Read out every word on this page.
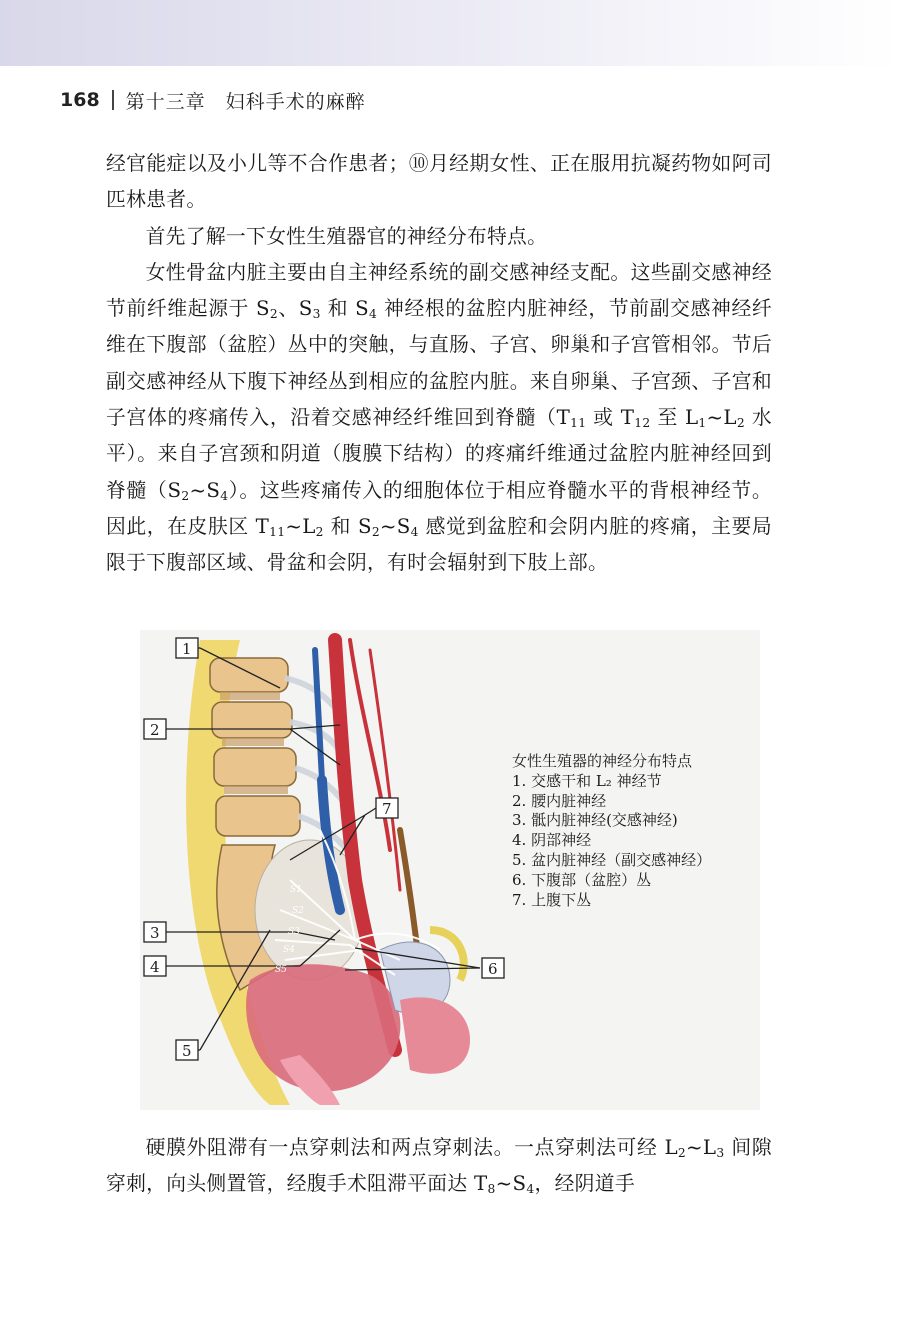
168 第十三章　妇科手术的麻醉

经官能症以及小儿等不合作患者；⑩月经期女性、正在服用抗凝药物如阿司匹林患者。

首先了解一下女性生殖器官的神经分布特点。

女性骨盆内脏主要由自主神经系统的副交感神经支配。这些副交感神经节前纤维起源于 $S_2$、$S_3$ 和 $S_4$ 神经根的盆腔内脏神经，节前副交感神经纤维在下腹部（盆腔）丛中的突触，与直肠、子宫、卵巢和子宫管相邻。节后副交感神经从下腹下神经丛到相应的盆腔内脏。来自卵巢、子宫颈、子宫和子宫体的疼痛传入，沿着交感神经纤维回到脊髓（$T_{11}$ 或 $T_{12}$ 至 $L_1\sim L_2$ 水平）。来自子宫颈和阴道（腹膜下结构）的疼痛纤维通过盆腔内脏神经回到脊髓$(S_2\sim S_4)$。这些疼痛传入的细胞体位于相应脊髓水平的背根神经节。因此，在皮肤区 $T_{11}\sim L_2$ 和 $S_2\sim S_4$ 感觉到盆腔和会阴内脏的疼痛，主要局限于下腹部区域、骨盆和会阴，有时会辐射到下肢上部。

S1
S2
S3
S4
S5
1
2
3
4
5
6
7
女性生殖器的神经分布特点
1. 交感干和 L₂ 神经节
2. 腰内脏神经
3. 骶内脏神经(交感神经)
4. 阴部神经
5. 盆内脏神经（副交感神经）
6. 下腹部（盆腔）丛
7. 上腹下丛

硬膜外阻滞有一点穿刺法和两点穿刺法。一点穿刺法可经 $L_2\sim L_3$ 间隙穿刺，向头侧置管，经腹手术阻滞平面达 $T_8\sim S_4$，经阴道手
